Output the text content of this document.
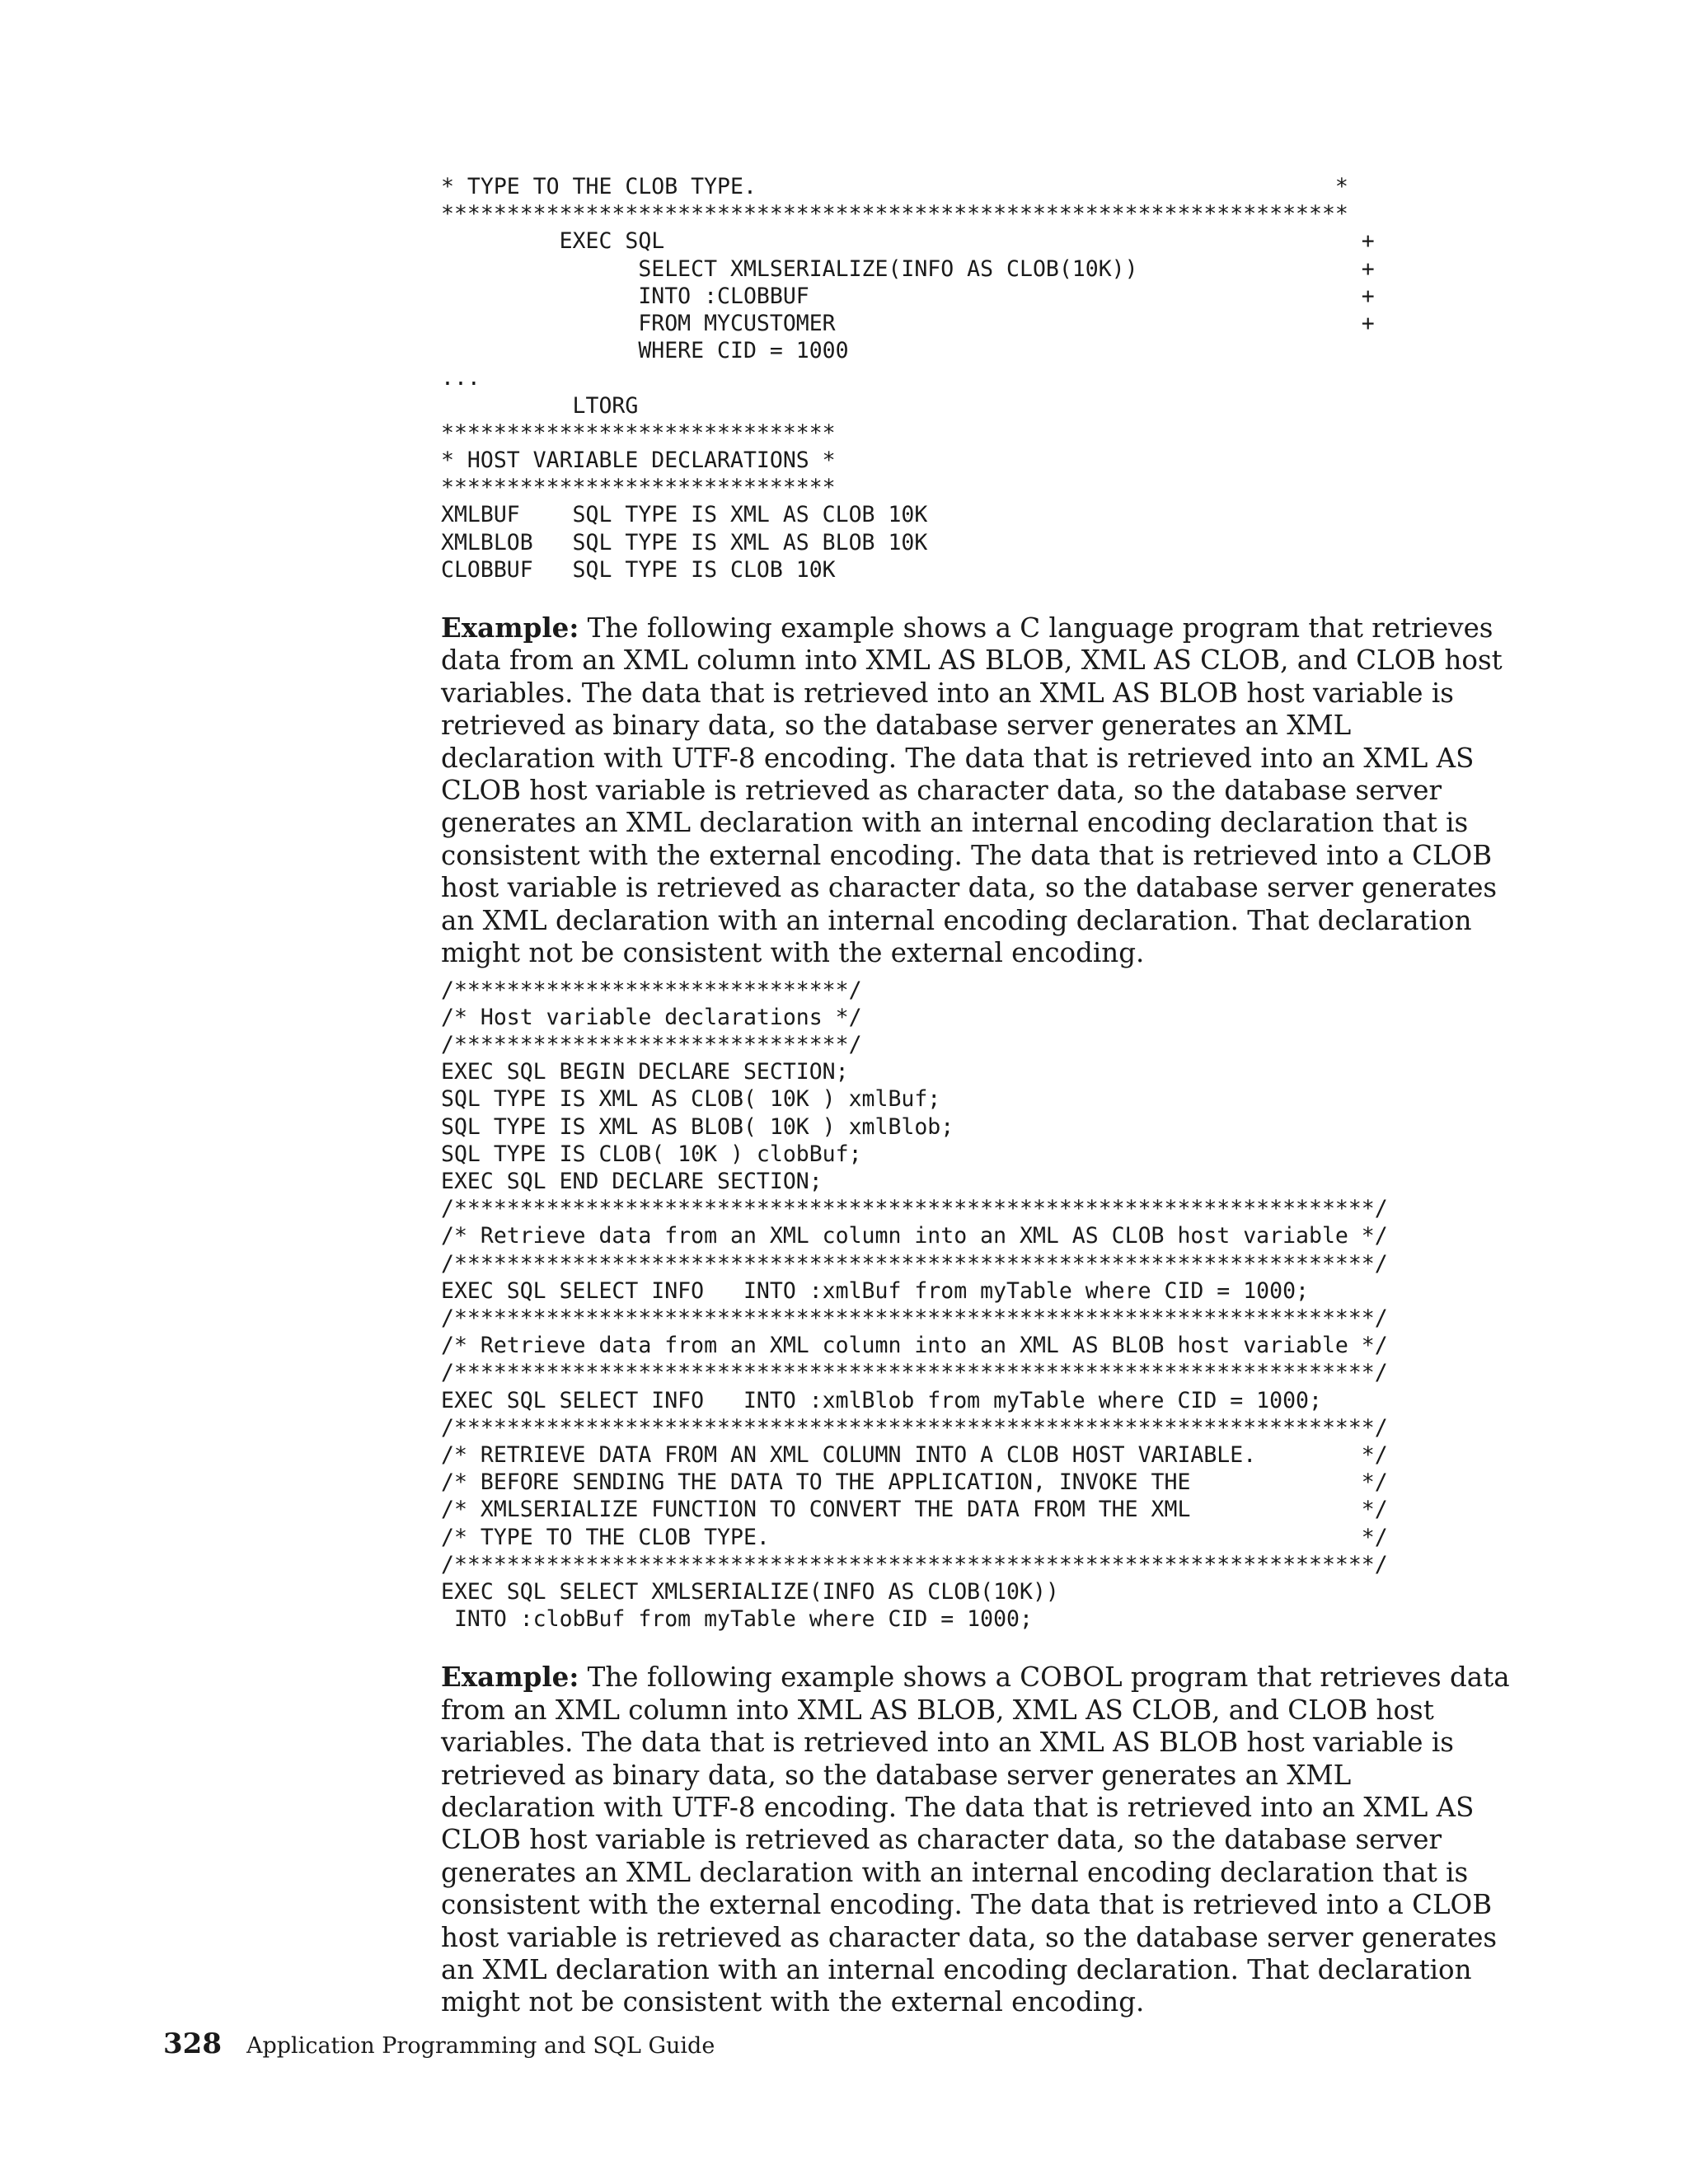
* TYPE TO THE CLOB TYPE.                                            *
*********************************************************************
EXEC SQL                                                     +
SELECT XMLSERIALIZE(INFO AS CLOB(10K))                 +
INTO :CLOBBUF                                          +
FROM MYCUSTOMER                                        +
WHERE CID = 1000
...
LTORG
******************************
* HOST VARIABLE DECLARATIONS *
******************************
XMLBUF    SQL TYPE IS XML AS CLOB 10K
XMLBLOB   SQL TYPE IS XML AS BLOB 10K
CLOBBUF   SQL TYPE IS CLOB 10K

Example: The following example shows a C language program that retrieves data from an XML column into XML AS BLOB, XML AS CLOB, and CLOB host variables. The data that is retrieved into an XML AS BLOB host variable is retrieved as binary data, so the database server generates an XML declaration with UTF-8 encoding. The data that is retrieved into an XML AS CLOB host variable is retrieved as character data, so the database server generates an XML declaration with an internal encoding declaration that is consistent with the external encoding. The data that is retrieved into a CLOB host variable is retrieved as character data, so the database server generates an XML declaration with an internal encoding declaration. That declaration might not be consistent with the external encoding.

/******************************/
/* Host variable declarations */
/******************************/
EXEC SQL BEGIN DECLARE SECTION;
SQL TYPE IS XML AS CLOB( 10K ) xmlBuf;
SQL TYPE IS XML AS BLOB( 10K ) xmlBlob;
SQL TYPE IS CLOB( 10K ) clobBuf;
EXEC SQL END DECLARE SECTION;
/**********************************************************************/
/* Retrieve data from an XML column into an XML AS CLOB host variable */
/**********************************************************************/
EXEC SQL SELECT INFO   INTO :xmlBuf from myTable where CID = 1000;
/**********************************************************************/
/* Retrieve data from an XML column into an XML AS BLOB host variable */
/**********************************************************************/
EXEC SQL SELECT INFO   INTO :xmlBlob from myTable where CID = 1000;
/**********************************************************************/
/* RETRIEVE DATA FROM AN XML COLUMN INTO A CLOB HOST VARIABLE.        */
/* BEFORE SENDING THE DATA TO THE APPLICATION, INVOKE THE             */
/* XMLSERIALIZE FUNCTION TO CONVERT THE DATA FROM THE XML             */
/* TYPE TO THE CLOB TYPE.                                             */
/**********************************************************************/
EXEC SQL SELECT XMLSERIALIZE(INFO AS CLOB(10K))
INTO :clobBuf from myTable where CID = 1000;

Example: The following example shows a COBOL program that retrieves data from an XML column into XML AS BLOB, XML AS CLOB, and CLOB host variables. The data that is retrieved into an XML AS BLOB host variable is retrieved as binary data, so the database server generates an XML declaration with UTF-8 encoding. The data that is retrieved into an XML AS CLOB host variable is retrieved as character data, so the database server generates an XML declaration with an internal encoding declaration that is consistent with the external encoding. The data that is retrieved into a CLOB host variable is retrieved as character data, so the database server generates an XML declaration with an internal encoding declaration. That declaration might not be consistent with the external encoding.

328 Application Programming and SQL Guide
